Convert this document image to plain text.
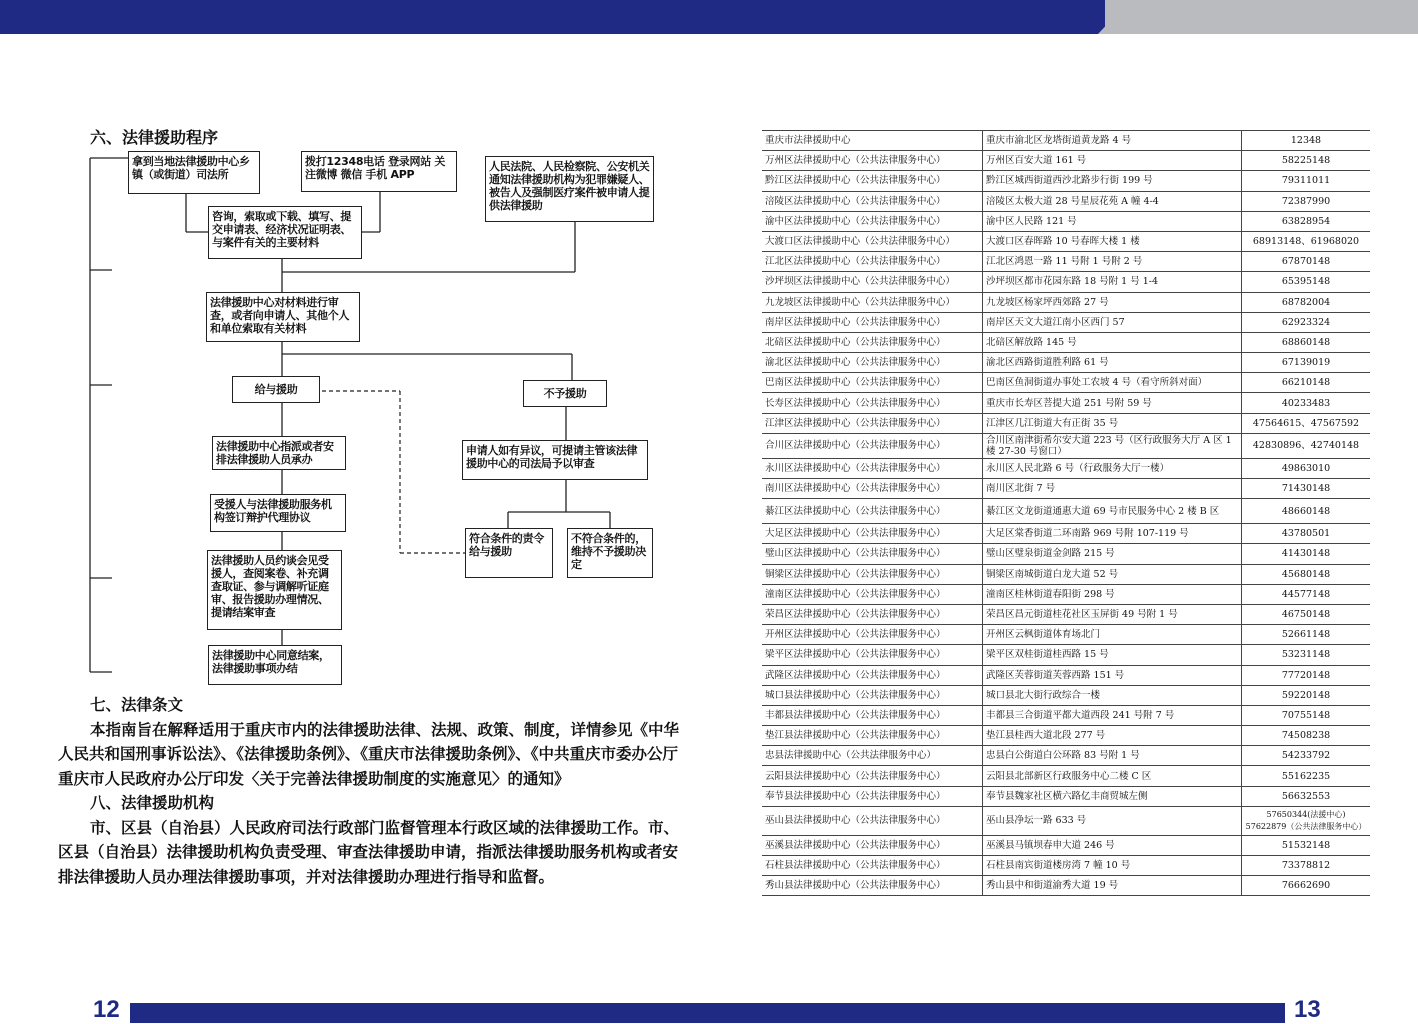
12	13
六、法律援助程序
拿到当地法律援助中心乡镇（或街道）司法所
拨打12348电话 登录网站 关注微博 微信 手机 APP
人民法院、人民检察院、公安机关通知法律援助机构为犯罪嫌疑人、被告人及强制医疗案件被申请人提供法律援助
咨询，索取或下载、填写、提交申请表、经济状况证明表、与案件有关的主要材料
法律援助中心对材料进行审查，或者向申请人、其他个人和单位索取有关材料
给与援助	不予援助
法律援助中心指派或者安排法律援助人员承办
申请人如有异议，可提请主管该法律援助中心的司法局予以审查
受援人与法律援助服务机构签订辩护代理协议
符合条件的责令给与援助
不符合条件的，维持不予援助决定
法律援助人员约谈会见受援人，查阅案卷、补充调查取证、参与调解听证庭审、报告援助办理情况、提请结案审查
法律援助中心同意结案，法律援助事项办结

七、法律条文

本指南旨在解释适用于重庆市内的法律援助法律、法规、政策、制度，详情参见《中华人民共和国刑事诉讼法》、《法律援助条例》、《重庆市法律援助条例》、《中共重庆市委办公厅重庆市人民政府办公厅印发〈关于完善法律援助制度的实施意见〉的通知》

八、法律援助机构

市、区县（自治县）人民政府司法行政部门监督管理本行政区域的法律援助工作。市、区县（自治县）法律援助机构负责受理、审查法律援助申请，指派法律援助服务机构或者安排法律援助人员办理法律援助事项，并对法律援助办理进行指导和监督。

重庆市法律援助中心	重庆市渝北区龙塔街道黄龙路 4 号	12348
万州区法律援助中心（公共法律服务中心）	万州区百安大道 161 号	58225148
黔江区法律援助中心（公共法律服务中心）	黔江区城西街道西沙北路步行街 199 号	79311011
涪陵区法律援助中心（公共法律服务中心）	涪陵区太极大道 28 号星辰花苑 A 幢 4-4	72387990
渝中区法律援助中心（公共法律服务中心）	渝中区人民路 121 号	63828954
大渡口区法律援助中心（公共法律服务中心）	大渡口区春晖路 10 号春晖大楼 1 楼	68913148、61968020
江北区法律援助中心（公共法律服务中心）	江北区鸿恩一路 11 号附 1 号附 2 号	67870148
沙坪坝区法律援助中心（公共法律服务中心）	沙坪坝区都市花园东路 18 号附 1 号 1-4	65395148
九龙坡区法律援助中心（公共法律服务中心）	九龙坡区杨家坪西郊路 27 号	68782004
南岸区法律援助中心（公共法律服务中心）	南岸区天文大道江南小区西门 57	62923324
北碚区法律援助中心（公共法律服务中心）	北碚区解放路 145 号	68860148
渝北区法律援助中心（公共法律服务中心）	渝北区西路街道胜利路 61 号	67139019
巴南区法律援助中心（公共法律服务中心）	巴南区鱼洞街道办事处工农坡 4 号（看守所斜对面）	66210148
长寿区法律援助中心（公共法律服务中心）	重庆市长寿区菩提大道 251 号附 59 号	40233483
江津区法律援助中心（公共法律服务中心）	江津区几江街道大有正街 35 号	47564615、47567592
合川区法律援助中心（公共法律服务中心）	合川区南津街希尔安大道 223 号（区行政服务大厅 A 区 1 楼 27-30 号窗口）	42830896、42740148
永川区法律援助中心（公共法律服务中心）	永川区人民北路 6 号（行政服务大厅一楼）	49863010
南川区法律援助中心（公共法律服务中心）	南川区北街 7 号	71430148
綦江区法律援助中心（公共法律服务中心）	綦江区文龙街道通惠大道 69 号市民服务中心 2 楼 B 区	48660148
大足区法律援助中心（公共法律服务中心）	大足区棠香街道二环南路 969 号附 107-119 号	43780501
璧山区法律援助中心（公共法律服务中心）	璧山区璧泉街道金剑路 215 号	41430148
铜梁区法律援助中心（公共法律服务中心）	铜梁区南城街道白龙大道 52 号	45680148
潼南区法律援助中心（公共法律服务中心）	潼南区桂林街道春阳街 298 号	44577148
荣昌区法律援助中心（公共法律服务中心）	荣昌区昌元街道桂花社区玉屏街 49 号附 1 号	46750148
开州区法律援助中心（公共法律服务中心）	开州区云枫街道体育场北门	52661148
梁平区法律援助中心（公共法律服务中心）	梁平区双桂街道桂西路 15 号	53231148
武隆区法律援助中心（公共法律服务中心）	武隆区芙蓉街道芙蓉西路 151 号	77720148
城口县法律援助中心（公共法律服务中心）	城口县北大街行政综合一楼	59220148
丰都县法律援助中心（公共法律服务中心）	丰都县三合街道平都大道西段 241 号附 7 号	70755148
垫江县法律援助中心（公共法律服务中心）	垫江县桂西大道北段 277 号	74508238
忠县法律援助中心（公共法律服务中心）	忠县白公街道白公环路 83 号附 1 号	54233792
云阳县法律援助中心（公共法律服务中心）	云阳县北部新区行政服务中心二楼 C 区	55162235
奉节县法律援助中心（公共法律服务中心）	奉节县魏家社区横六路亿丰商贸城左侧	56632553
巫山县法律援助中心（公共法律服务中心）	巫山县净坛一路 633 号	57650344(法援中心)
57622879（公共法律服务中心）

巫溪县法律援助中心（公共法律服务中心）	巫溪县马镇坝春申大道 246 号	51532148
石柱县法律援助中心（公共法律服务中心）	石柱县南宾街道楼房湾 7 幢 10 号	73378812
秀山县法律援助中心（公共法律服务中心）	秀山县中和街道渝秀大道 19 号	76662690
